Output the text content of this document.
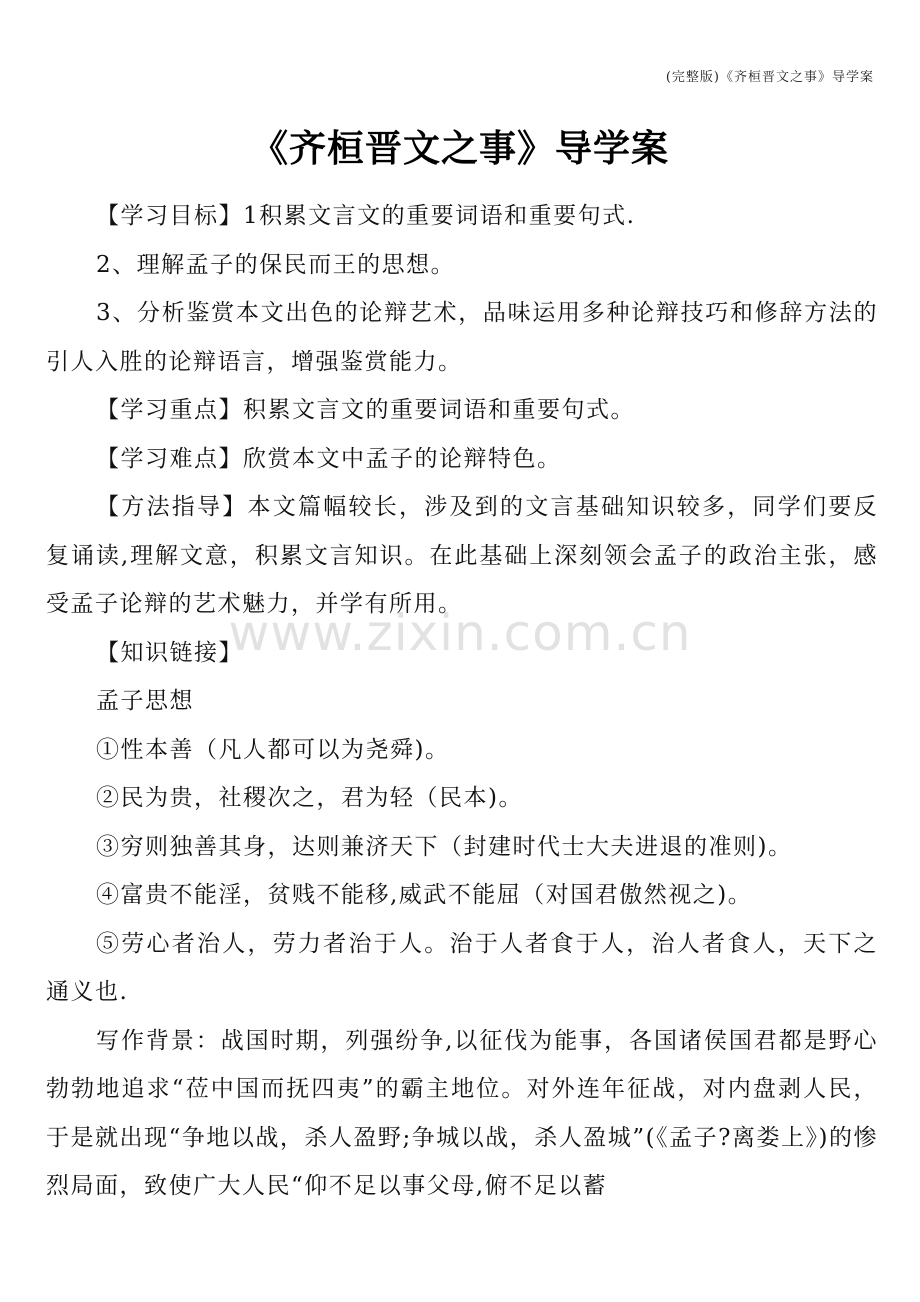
(完整版)《齐桓晋文之事》导学案
《齐桓晋文之事》导学案

【学习目标】1积累文言文的重要词语和重要句式.

2、理解孟子的保民而王的思想。

3、分析鉴赏本文出色的论辩艺术，品味运用多种论辩技巧和修辞方法的引人入胜的论辩语言，增强鉴赏能力。

【学习重点】积累文言文的重要词语和重要句式。

【学习难点】欣赏本文中孟子的论辩特色。

【方法指导】本文篇幅较长，涉及到的文言基础知识较多，同学们要反复诵读,理解文意，积累文言知识。在此基础上深刻领会孟子的政治主张，感受孟子论辩的艺术魅力，并学有所用。

【知识链接】

孟子思想

①性本善（凡人都可以为尧舜)。

②民为贵，社稷次之，君为轻（民本)。

③穷则独善其身，达则兼济天下（封建时代士大夫进退的准则)。

④富贵不能淫，贫贱不能移,威武不能屈（对国君傲然视之)。

⑤劳心者治人，劳力者治于人。治于人者食于人，治人者食人，天下之通义也.

写作背景：战国时期，列强纷争,以征伐为能事，各国诸侯国君都是野心勃勃地追求“莅中国而抚四夷”的霸主地位。对外连年征战，对内盘剥人民，于是就出现“争地以战，杀人盈野;争城以战，杀人盈城”(《孟子?离娄上》)的惨烈局面，致使广大人民“仰不足以事父母,俯不足以蓄

www.zixin.com.cn
